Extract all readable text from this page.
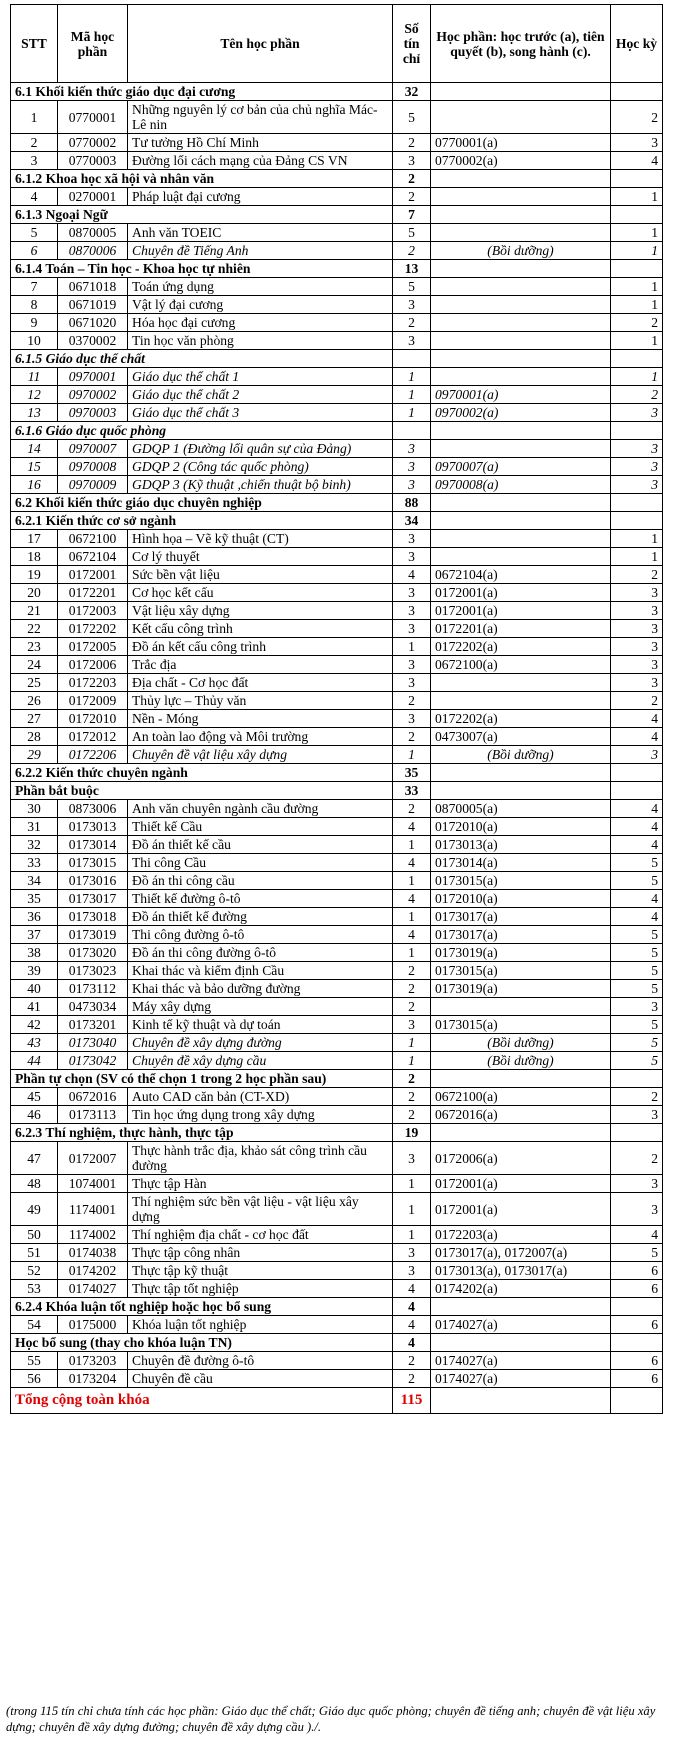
STT	Mã học phần	Tên học phần	Số tín chỉ	Học phần: học trước (a), tiên quyết (b), song hành (c).	Học kỳ
6.1 Khối kiến thức giáo dục đại cương			32		
1	0770001	Những nguyên lý cơ bản của chủ nghĩa Mác-Lê nin	5		2
2	0770002	Tư tưởng Hồ Chí Minh	2	0770001(a)	3
3	0770003	Đường lối cách mạng của Đảng CS VN	3	0770002(a)	4
6.1.2 Khoa học xã hội và nhân văn			2		
4	0270001	Pháp luật đại cương	2		1
6.1.3 Ngoại Ngữ			7		
5	0870005	Anh văn TOEIC	5		1
6	0870006	Chuyên đề Tiếng Anh	2	(Bồi dưỡng)	1
6.1.4 Toán – Tin học - Khoa học tự nhiên			13		
7	0671018	Toán ứng dụng	5		1
8	0671019	Vật lý đại cương	3		1
9	0671020	Hóa học đại cương	2		2
10	0370002	Tin học văn phòng	3		1
6.1.5 Giáo dục thể chất					
11	0970001	Giáo dục thể chất 1	1		1
12	0970002	Giáo dục thể chất 2	1	0970001(a)	2
13	0970003	Giáo dục thể chất 3	1	0970002(a)	3
6.1.6 Giáo dục quốc phòng					
14	0970007	GDQP 1 (Đường lối quân sự của Đảng)	3		3
15	0970008	GDQP 2 (Công tác quốc phòng)	3	0970007(a)	3
16	0970009	GDQP 3 (Kỹ thuật ,chiến thuật bộ binh)	3	0970008(a)	3
6.2 Khối kiến thức giáo dục chuyên nghiệp			88		
6.2.1 Kiến thức cơ sở ngành			34		
17	0672100	Hình họa – Vẽ kỹ thuật (CT)	3		1
18	0672104	Cơ lý thuyết	3		1
19	0172001	Sức bền vật liệu	4	0672104(a)	2
20	0172201	Cơ học kết cấu	3	0172001(a)	3
21	0172003	Vật liệu xây dựng	3	0172001(a)	3
22	0172202	Kết cấu công trình	3	0172201(a)	3
23	0172005	Đồ án kết cấu công trình	1	0172202(a)	3
24	0172006	Trắc địa	3	0672100(a)	3
25	0172203	Địa chất - Cơ học đất	3		3
26	0172009	Thủy lực – Thủy văn	2		2
27	0172010	Nền - Móng	3	0172202(a)	4
28	0172012	An toàn lao động và Môi trường	2	0473007(a)	4
29	0172206	Chuyên đề vật liệu xây dựng	1	(Bồi dưỡng)	3
6.2.2 Kiến thức chuyên ngành			35		
Phần bắt buộc			33		
30	0873006	Anh văn chuyên ngành cầu đường	2	0870005(a)	4
31	0173013	Thiết kế Cầu	4	0172010(a)	4
32	0173014	Đồ án thiết kế cầu	1	0173013(a)	4
33	0173015	Thi công Cầu	4	0173014(a)	5
34	0173016	Đồ án thi công cầu	1	0173015(a)	5
35	0173017	Thiết kế đường ô-tô	4	0172010(a)	4
36	0173018	Đồ án thiết kế đường	1	0173017(a)	4
37	0173019	Thi công đường ô-tô	4	0173017(a)	5
38	0173020	Đồ án thi công đường ô-tô	1	0173019(a)	5
39	0173023	Khai thác và kiểm định Cầu	2	0173015(a)	5
40	0173112	Khai thác và bảo dưỡng đường	2	0173019(a)	5
41	0473034	Máy xây dựng	2		3
42	0173201	Kinh tế kỹ thuật và dự toán	3	0173015(a)	5
43	0173040	Chuyên đề xây dựng đường	1	(Bồi dưỡng)	5
44	0173042	Chuyên đề xây dựng cầu	1	(Bồi dưỡng)	5
Phần tự chọn (SV có thể chọn 1 trong 2 học phần sau)			2		
45	0672016	Auto CAD căn bản (CT-XD)	2	0672100(a)	2
46	0173113	Tin học ứng dụng trong xây dựng	2	0672016(a)	3
6.2.3 Thí nghiệm, thực hành, thực tập			19		
47	0172007	Thực hành trắc địa, khảo sát công trình cầu đường	3	0172006(a)	2
48	1074001	Thực tập Hàn	1	0172001(a)	3
49	1174001	Thí nghiệm sức bền vật liệu - vật liệu xây dựng	1	0172001(a)	3
50	1174002	Thí nghiệm địa chất - cơ học đất	1	0172203(a)	4
51	0174038	Thực tập công nhân	3	0173017(a), 0172007(a)	5
52	0174202	Thực tập kỹ thuật	3	0173013(a), 0173017(a)	6
53	0174027	Thực tập tốt nghiệp	4	0174202(a)	6
6.2.4 Khóa luận tốt nghiệp hoặc học bổ sung			4		
54	0175000	Khóa luận tốt nghiệp	4	0174027(a)	6
Học bổ sung (thay cho khóa luận TN)			4		
55	0173203	Chuyên đề đường ô-tô	2	0174027(a)	6
56	0173204	Chuyên đề cầu	2	0174027(a)	6
Tổng cộng toàn khóa			115		
(trong 115 tín chỉ chưa tính các học phần: Giáo dục thể chất; Giáo dục quốc phòng; chuyên đề tiếng anh; chuyên đề vật liệu xây dựng; chuyên đề xây dựng đường; chuyên đề xây dựng cầu )./.
